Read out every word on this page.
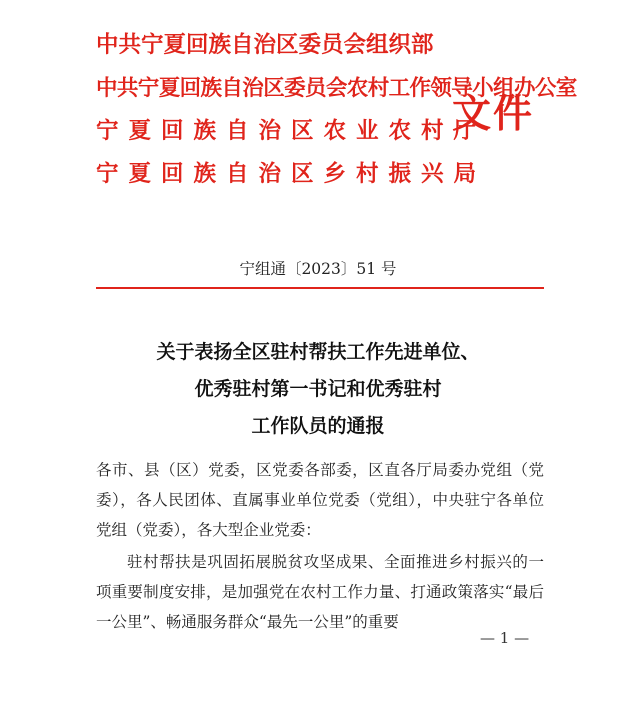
中共宁夏回族自治区委员会组织部
中共宁夏回族自治区委员会农村工作领导小组办公室
宁夏回族自治区农业农村厅
宁夏回族自治区乡村振兴局
文件
宁组通〔2023〕51 号
关于表扬全区驻村帮扶工作先进单位、
优秀驻村第一书记和优秀驻村
工作队员的通报

各市、县（区）党委，区党委各部委，区直各厅局委办党组（党委），各人民团体、直属事业单位党委（党组），中央驻宁各单位党组（党委），各大型企业党委：

驻村帮扶是巩固拓展脱贫攻坚成果、全面推进乡村振兴的一项重要制度安排，是加强党在农村工作力量、打通政策落实“最后一公里”、畅通服务群众“最先一公里”的重要

— 1 —
